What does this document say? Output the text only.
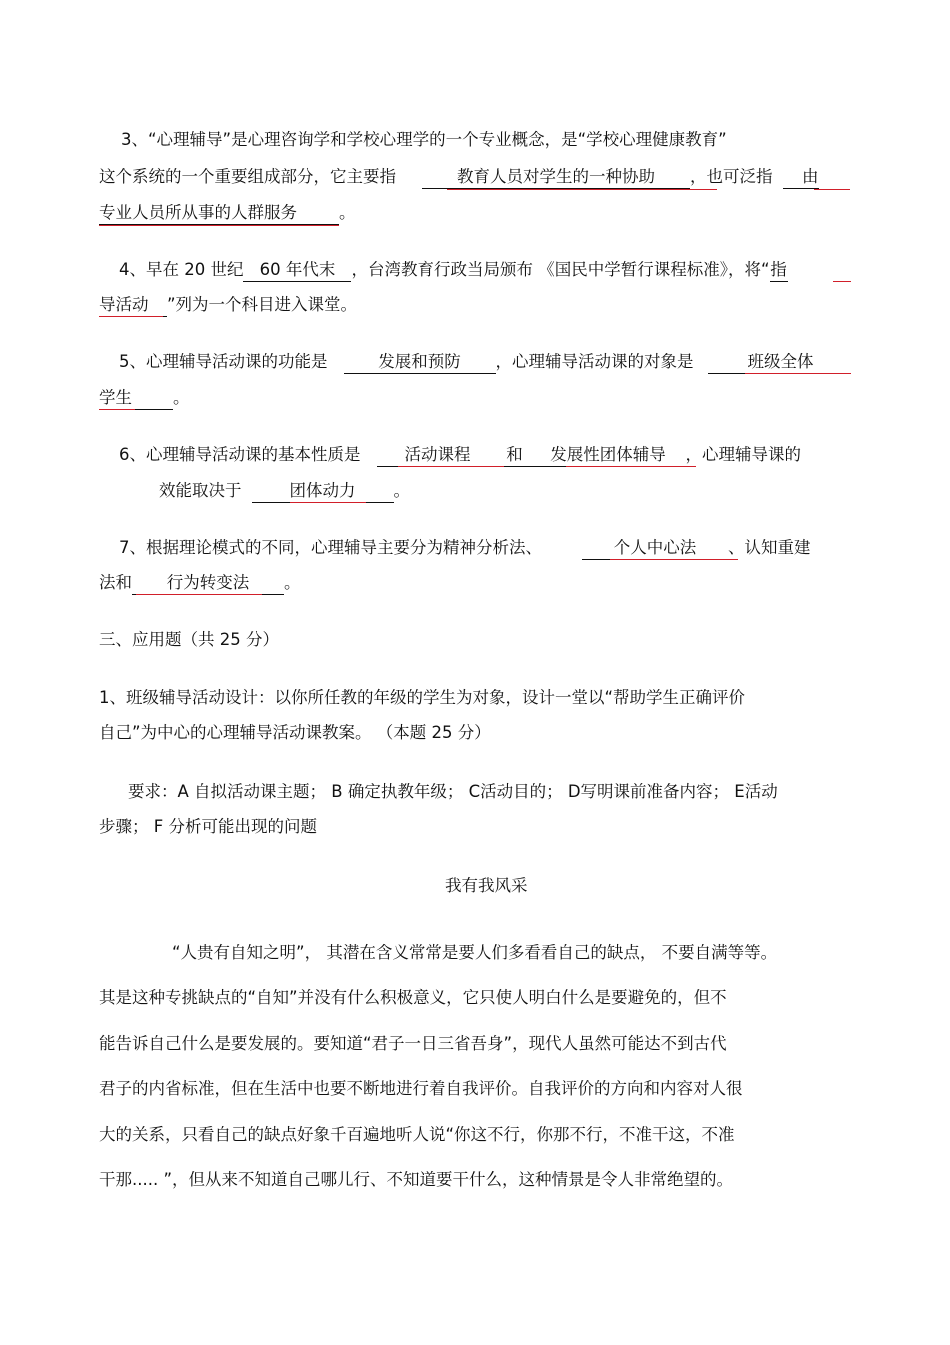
3、“心理辅导”是心理咨询学和学校心理学的一个专业概念，是“学校心理健康教育”
这个系统的一个重要组成部分，它主要指	教育人员对学生的一种协助 ，也可泛指 由
专业人员所从事的人群服务	。
4、早在 20 世纪 60 年代末 ，台湾教育行政当局颁布 《国民中学暂行课程标准》，将“指
导活动 ”列为一个科目进入课堂。
5、心理辅导活动课的功能是	发展和预防 ，心理辅导活动课的对象是	班级全体
学生 。
6、心理辅导活动课的基本性质是	活动课程 和 发展性团体辅导 ，心理辅导课的
效能取决于	团体动力 。
7、根据理论模式的不同，心理辅导主要分为精神分析法、	个人中心法 、认知重建
法和 行为转变法 。
三、应用题（共 25 分）
1、班级辅导活动设计：以你所任教的年级的学生为对象，设计一堂以“帮助学生正确评价
自己”为中心的心理辅导活动课教案。 （本题 25 分）
要求：A 自拟活动课主题； B 确定执教年级； C活动目的； D写明课前准备内容； E活动
步骤； F 分析可能出现的问题
我有我风采
“人贵有自知之明”， 其潜在含义常常是要人们多看看自己的缺点， 不要自满等等。
其是这种专挑缺点的“自知”并没有什么积极意义，它只使人明白什么是要避免的，但不
能告诉自己什么是要发展的。要知道“君子一日三省吾身”，现代人虽然可能达不到古代
君子的内省标准，但在生活中也要不断地进行着自我评价。自我评价的方向和内容对人很
大的关系，只看自己的缺点好象千百遍地听人说“你这不行，你那不行，不准干这，不准
干那..... ”，但从来不知道自己哪儿行、不知道要干什么，这种情景是令人非常绝望的。
